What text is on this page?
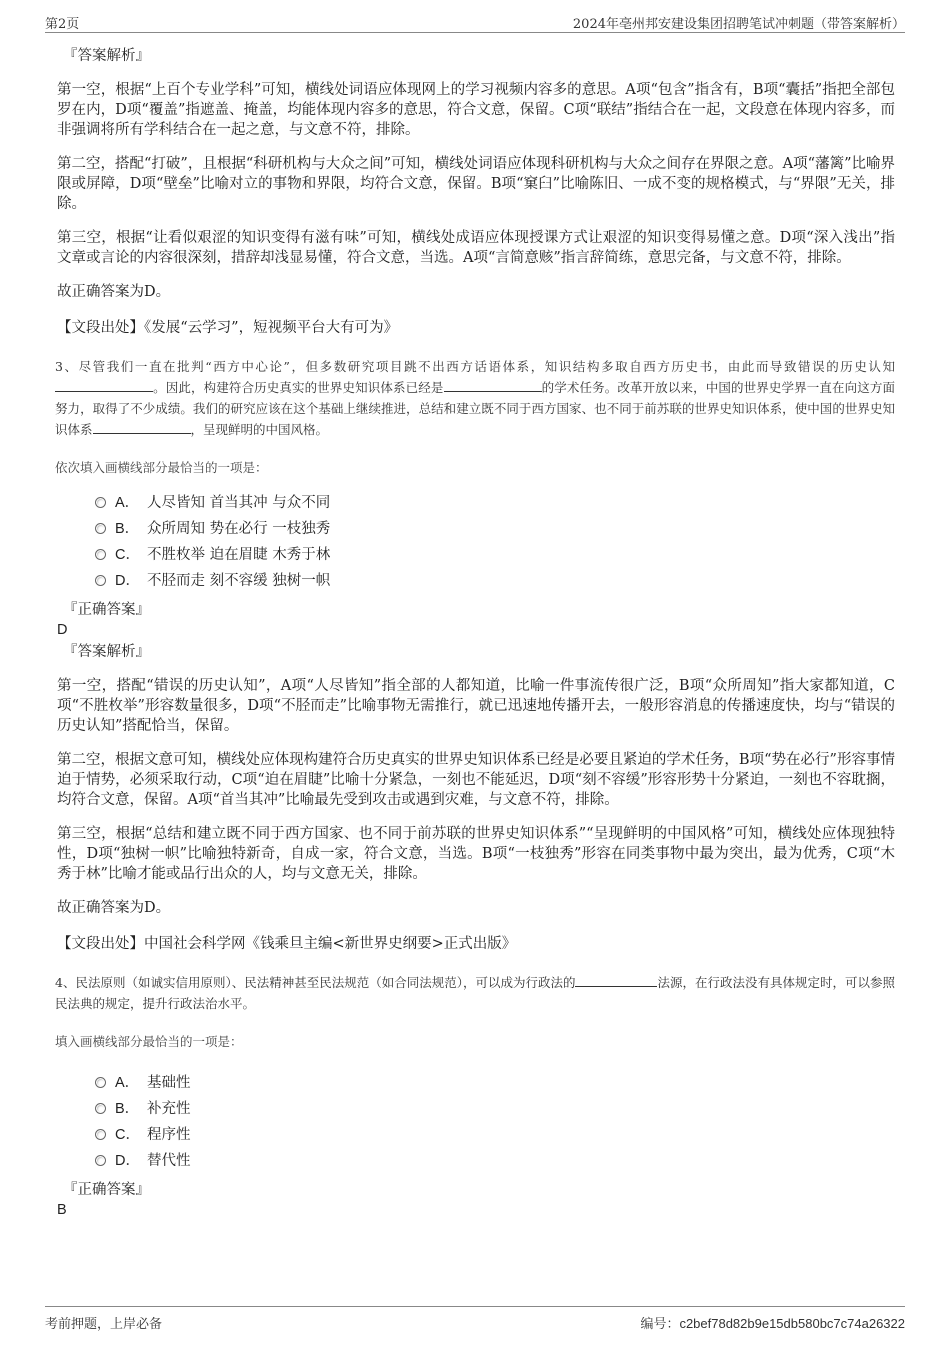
第2页	2024年亳州邦安建设集团招聘笔试冲刺题（带答案解析）
『答案解析』
第一空，根据“上百个专业学科”可知，横线处词语应体现网上的学习视频内容多的意思。A项“包含”指含有，B项“囊括”指把全部包罗在内，D项“覆盖”指遮盖、掩盖，均能体现内容多的意思，符合文意，保留。C项“联结”指结合在一起，文段意在体现内容多，而非强调将所有学科结合在一起之意，与文意不符，排除。
第二空，搭配“打破”，且根据“科研机构与大众之间”可知，横线处词语应体现科研机构与大众之间存在界限之意。A项“藩篱”比喻界限或屏障，D项“壁垒”比喻对立的事物和界限，均符合文意，保留。B项“窠臼”比喻陈旧、一成不变的规格模式，与“界限”无关，排除。
第三空，根据“让看似艰涩的知识变得有滋有味”可知，横线处成语应体现授课方式让艰涩的知识变得易懂之意。D项“深入浅出”指文章或言论的内容很深刻，措辞却浅显易懂，符合文意，当选。A项“言简意赅”指言辞简练，意思完备，与文意不符，排除。
故正确答案为D。
【文段出处】《发展“云学习”，短视频平台大有可为》
3、尽管我们一直在批判“西方中心论”，但多数研究项目跳不出西方话语体系，知识结构多取自西方历史书，由此而导致错误的历史认知。因此，构建符合历史真实的世界史知识体系已经是	的学术任务。改革开放以来，中国的世界史学界一直在向这方面努力，取得了不少成绩。我们的研究应该在这个基础上继续推进，总结和建立既不同于西方国家、也不同于前苏联的世界史知识体系，使中国的世界史知识体系	，呈现鲜明的中国风格。
依次填入画横线部分最恰当的一项是：
A． 人尽皆知 首当其冲 与众不同
B． 众所周知 势在必行 一枝独秀
C． 不胜枚举 迫在眉睫 木秀于林
D． 不胫而走 刻不容缓 独树一帜
『正确答案』
D
『答案解析』
第一空，搭配“错误的历史认知”，A项“人尽皆知”指全部的人都知道，比喻一件事流传很广泛，B项“众所周知”指大家都知道，C项“不胜枚举”形容数量很多，D项“不胫而走”比喻事物无需推行，就已迅速地传播开去，一般形容消息的传播速度快，均与“错误的历史认知”搭配恰当，保留。
第二空，根据文意可知，横线处应体现构建符合历史真实的世界史知识体系已经是必要且紧迫的学术任务，B项“势在必行”形容事情迫于情势，必须采取行动，C项“迫在眉睫”比喻十分紧急，一刻也不能延迟，D项“刻不容缓”形容形势十分紧迫，一刻也不容耽搁，均符合文意，保留。A项“首当其冲”比喻最先受到攻击或遇到灾难，与文意不符，排除。
第三空，根据“总结和建立既不同于西方国家、也不同于前苏联的世界史知识体系”“呈现鲜明的中国风格”可知，横线处应体现独特性，D项“独树一帜”比喻独特新奇，自成一家，符合文意，当选。B项“一枝独秀”形容在同类事物中最为突出，最为优秀，C项“木秀于林”比喻才能或品行出众的人，均与文意无关，排除。
故正确答案为D。
【文段出处】中国社会科学网《钱乘旦主编<新世界史纲要>正式出版》
4、民法原则（如诚实信用原则）、民法精神甚至民法规范（如合同法规范），可以成为行政法的	法源，在行政法没有具体规定时，可以参照民法典的规定，提升行政法治水平。
填入画横线部分最恰当的一项是：
A． 基础性
B． 补充性
C． 程序性
D． 替代性
『正确答案』
B
考前押题，上岸必备	编号：c2bef78d82b9e15db580bc7c74a26322
